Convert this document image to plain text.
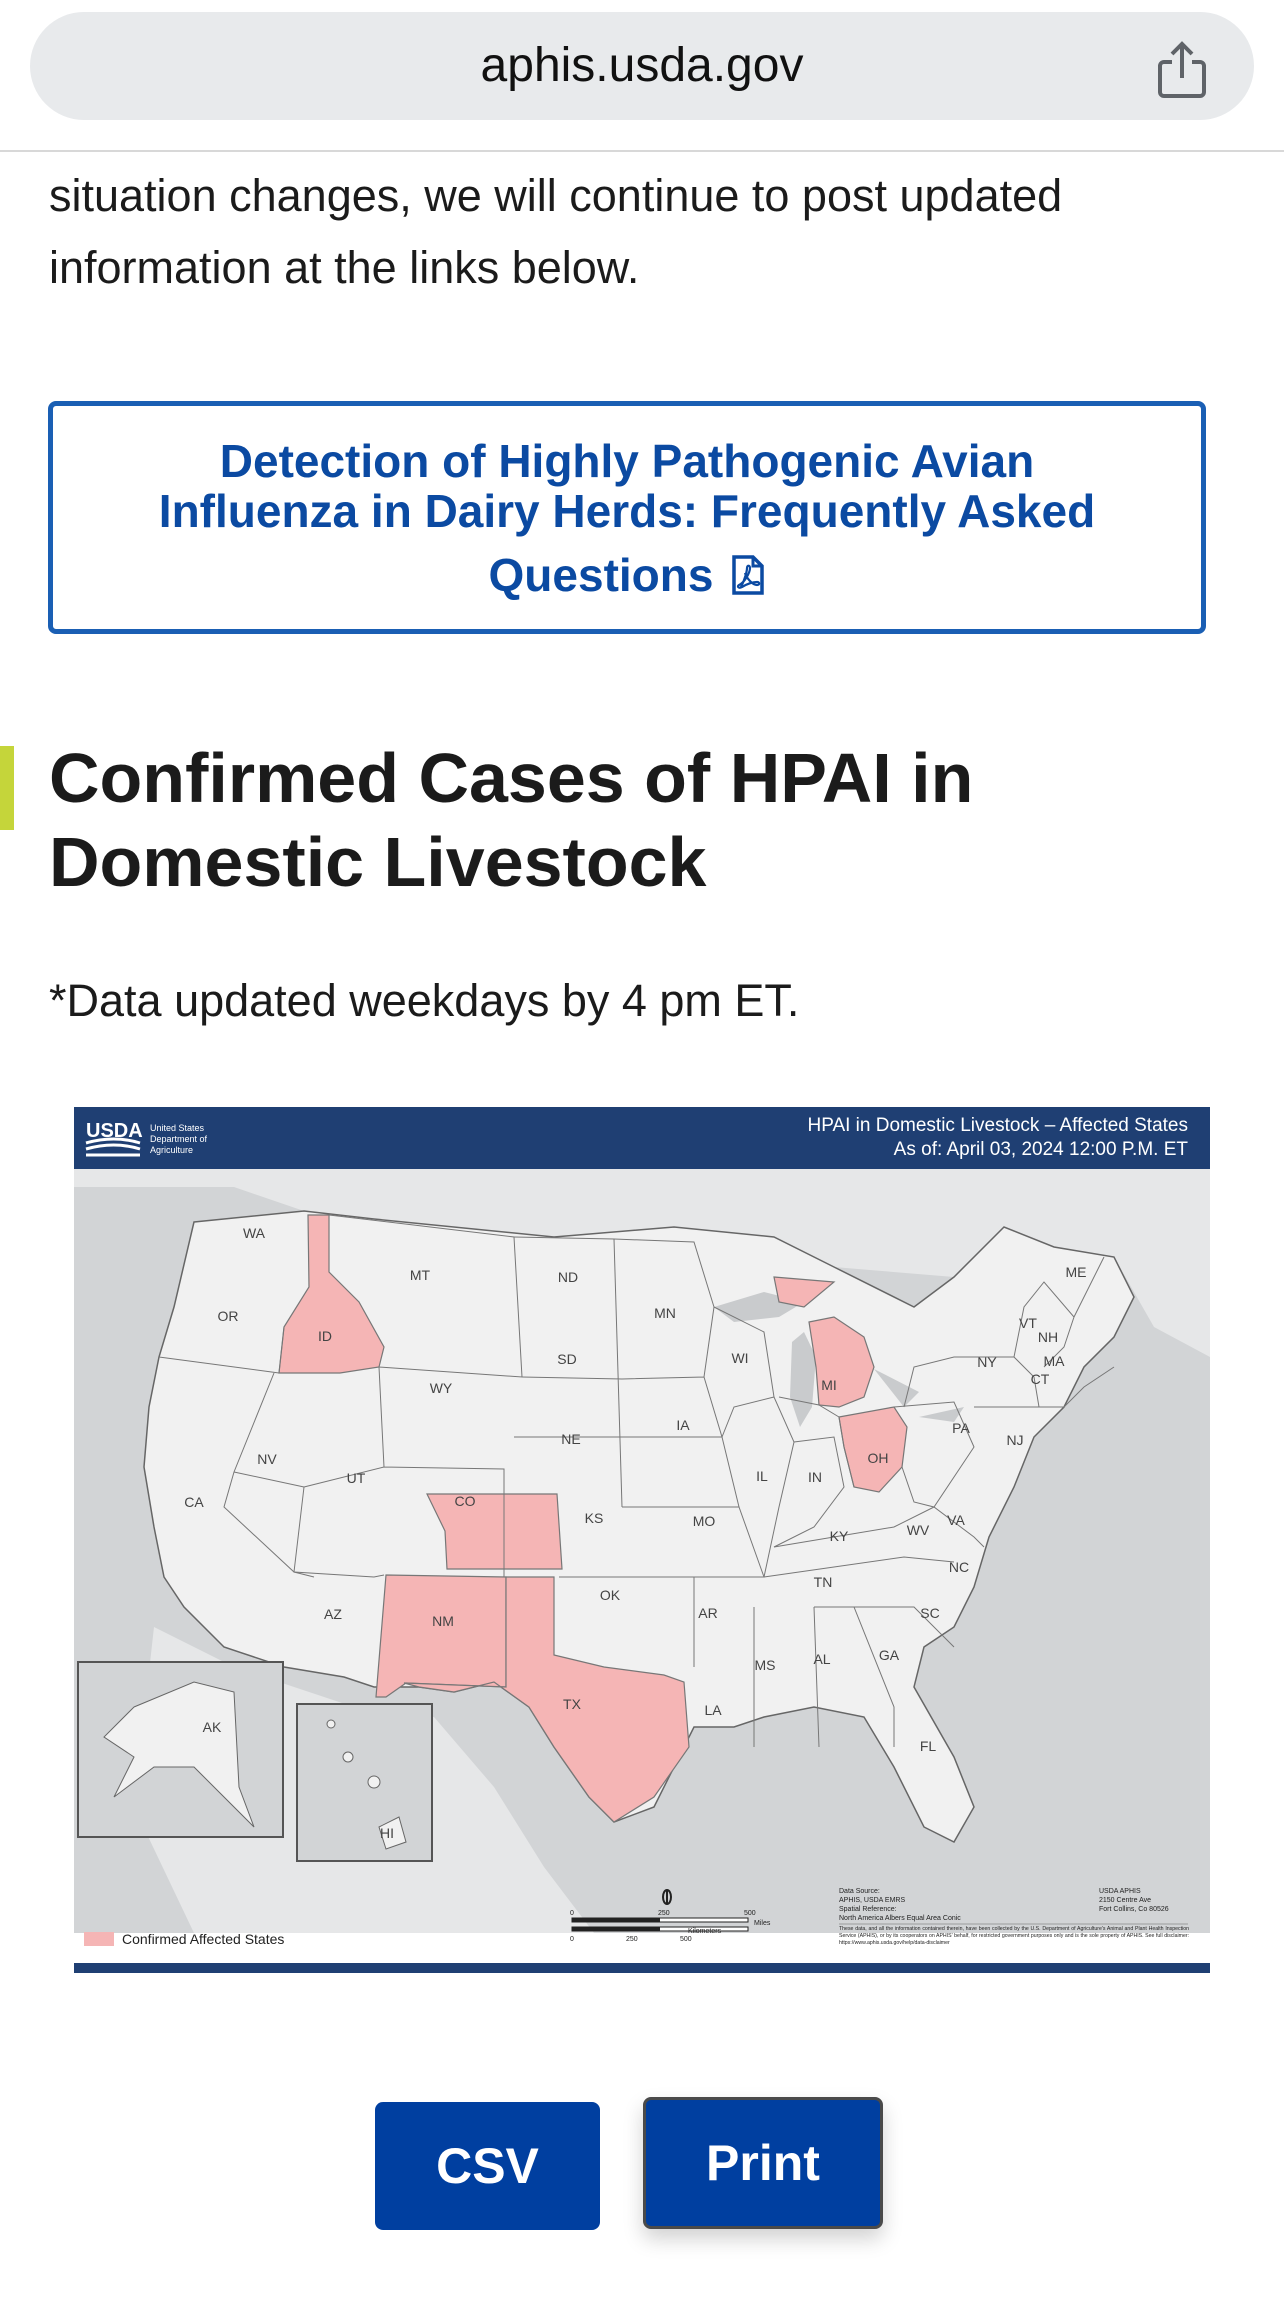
aphis.usda.gov
situation changes, we will continue to post updated information at the links below.
Detection of Highly Pathogenic Avian Influenza in Dairy Herds: Frequently Asked

Questions
Confirmed Cases of HPAI in Domestic Livestock
*Data updated weekdays by 4 pm ET.
USDA United States
Department of
Agriculture
HPAI in Domestic Livestock – Affected States
As of: April 03, 2024 12:00 P.M. ET
WA
OR
CA
ID
NV
MT
WY
UT
AZ
CO
NM
ND
SD
NE
KS
OK
TX
MN
IA
MO
AR
LA
WI
IL
MI
IN
KY
TN
MS	AL
OH
GA
FL
SC
NC
VA
WV
PA
NY
ME
VT
NH
MA
CT
NJ
AK
HI
Confirmed Affected States
0	250	500
Miles
0	250	500
Kilometers
Data Source:
APHIS, USDA EMRS
Spatial Reference:
North America Albers Equal Area Conic
USDA APHIS
2150 Centre Ave
Fort Collins, Co 80526
These data, and all the information contained therein, have been collected by the U.S. Department of Agriculture's Animal and Plant Health Inspection Service (APHIS), or by its cooperators on APHIS' behalf, for restricted government purposes only and is the sole property of APHIS. See full disclaimer: https://www.aphis.usda.gov/help/data-disclaimer
CSV	Print
